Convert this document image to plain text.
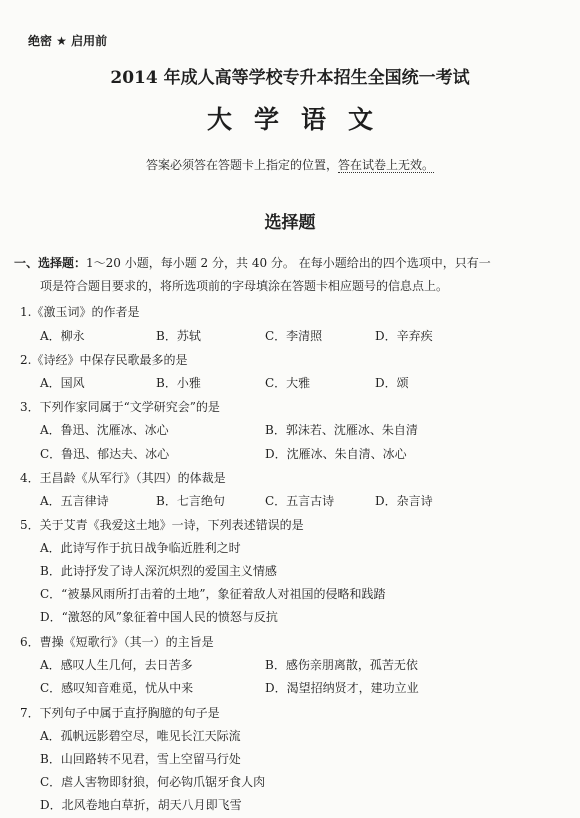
绝密 ★ 启用前
2014 年成人高等学校专升本招生全国统一考试
大学语文
答案必须答在答题卡上指定的位置，答在试卷上无效。
选择题
一、选择题：1～20 小题，每小题 2 分，共 40 分。 在每小题给出的四个选项中，只有一
项是符合题目要求的，将所选项前的字母填涂在答题卡相应题号的信息点上。
1.《激玉词》的作者是
A．柳永	B．苏轼	C．李清照	D．辛弃疾
2.《诗经》中保存民歌最多的是
A．国风	B．小雅	C．大雅	D．颂
3．下列作家同属于“文学研究会”的是
A．鲁迅、沈雁冰、冰心	B．郭沫若、沈雁冰、朱自清
C．鲁迅、郁达夫、冰心	D．沈雁冰、朱自清、冰心
4．王昌龄《从军行》（其四）的体裁是
A．五言律诗	B．七言绝句	C．五言古诗	D．杂言诗
5．关于艾青《我爱这土地》一诗，下列表述错误的是
A．此诗写作于抗日战争临近胜利之时
B．此诗抒发了诗人深沉炽烈的爱国主义情感
C．“被暴风雨所打击着的土地”，象征着敌人对祖国的侵略和践踏
D．“激怒的风”象征着中国人民的愤怒与反抗
6．曹操《短歌行》（其一）的主旨是
A．感叹人生几何，去日苦多	B．感伤亲朋离散，孤苦无依
C．感叹知音难觅，忧从中来	D．渴望招纳贤才，建功立业
7．下列句子中属于直抒胸臆的句子是
A．孤帆远影碧空尽，唯见长江天际流
B．山回路转不见君，雪上空留马行处
C．虐人害物即豺狼，何必钩爪锯牙食人肉
D．北风卷地白草折，胡天八月即飞雪
